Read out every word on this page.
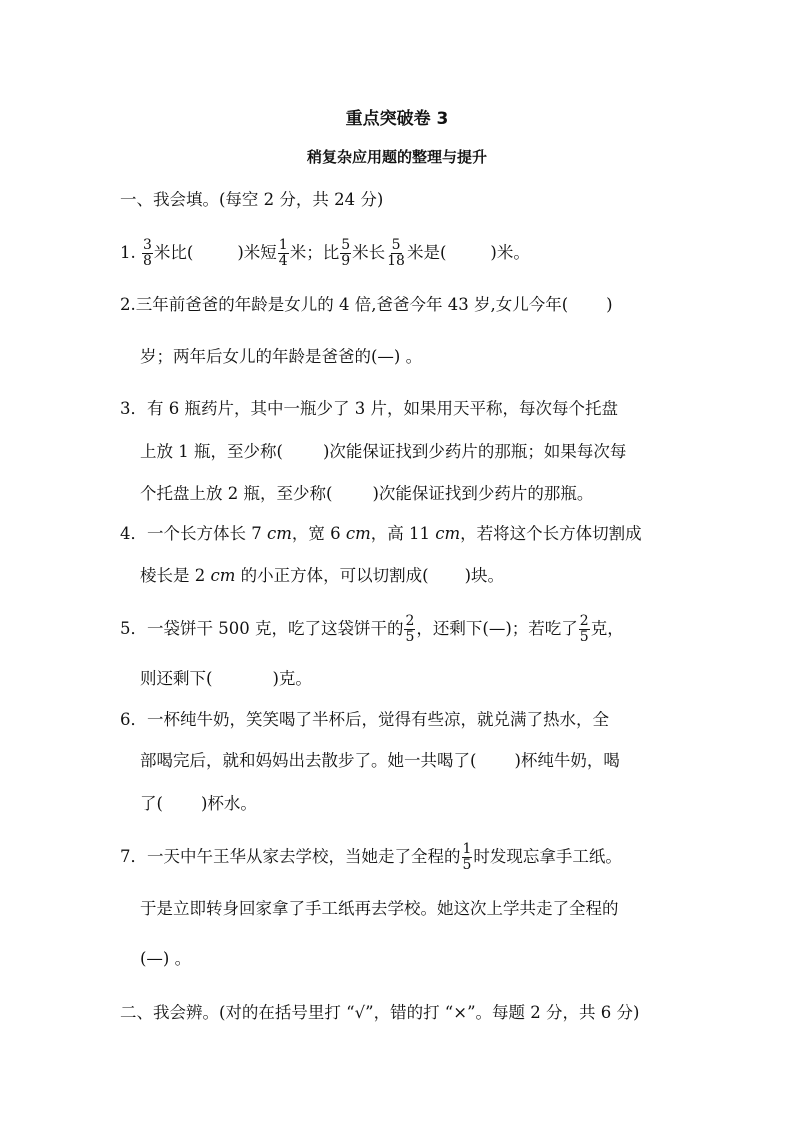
重点突破卷 3
稍复杂应用题的整理与提升
一、我会填。(每空 2 分，共 24 分)
1. $\frac{3}{8}$ 米比(	)米短 $\frac{1}{4}$ 米；比 $\frac{5}{9}$ 米长 $\frac{5}{18}$ 米是(	)米。
2.三年前爸爸的年龄是女儿的 4 倍,爸爸今年 43 岁,女儿今年( )
岁；两年后女儿的年龄是爸爸的(—) 。
3．有 6 瓶药片，其中一瓶少了 3 片，如果用天平称，每次每个托盘
上放 1 瓶，至少称( )次能保证找到少药片的那瓶；如果每次每
个托盘上放 2 瓶，至少称( )次能保证找到少药片的那瓶。
4．一个长方体长 7 cm，宽 6 cm，高 11 cm，若将这个长方体切割成
棱长是 2 cm 的小正方体，可以切割成( )块。
5．一袋饼干 500 克，吃了这袋饼干的 $\frac{2}{5}$ ，还剩下(—)；若吃了 $\frac{2}{5}$ 克，
则还剩下(	)克。
6．一杯纯牛奶，笑笑喝了半杯后，觉得有些凉，就兑满了热水，全
部喝完后，就和妈妈出去散步了。她一共喝了( )杯纯牛奶，喝
了( )杯水。
7．一天中午王华从家去学校，当她走了全程的 $\frac{1}{5}$ 时发现忘拿手工纸。
于是立即转身回家拿了手工纸再去学校。她这次上学共走了全程的
(—) 。
二、我会辨。(对的在括号里打 “√”，错的打 “×”。每题 2 分，共 6 分)
